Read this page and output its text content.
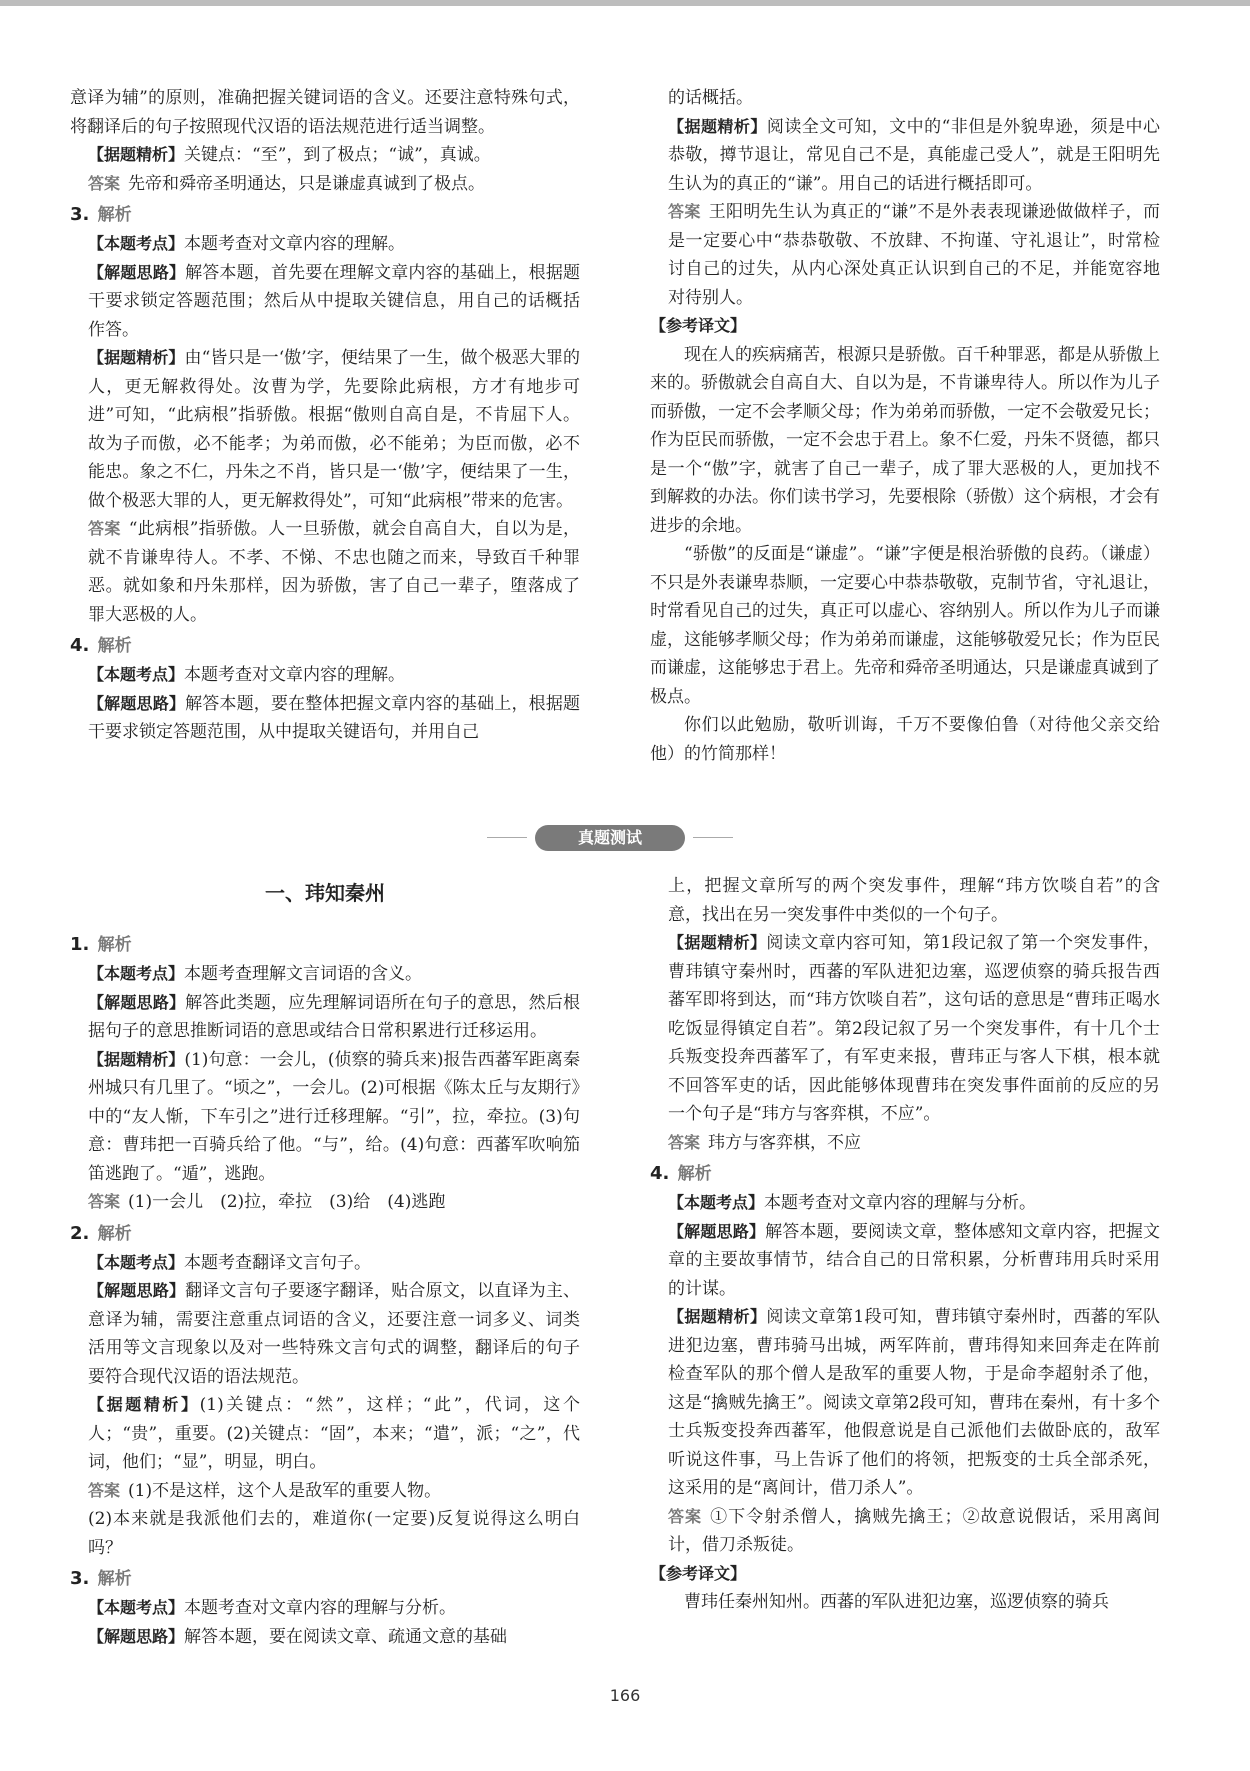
意译为辅”的原则，准确把握关键词语的含义。还要注意特殊句式，将翻译后的句子按照现代汉语的语法规范进行适当调整。

【据题精析】关键点：“至”，到了极点；“诚”，真诚。

答案 先帝和舜帝圣明通达，只是谦虚真诚到了极点。

3. 解析

【本题考点】本题考查对文章内容的理解。

【解题思路】解答本题，首先要在理解文章内容的基础上，根据题干要求锁定答题范围；然后从中提取关键信息，用自己的话概括作答。

【据题精析】由“皆只是一‘傲’字，便结果了一生，做个极恶大罪的人，更无解救得处。汝曹为学，先要除此病根，方才有地步可进”可知，“此病根”指骄傲。根据“傲则自高自是，不肯屈下人。故为子而傲，必不能孝；为弟而傲，必不能弟；为臣而傲，必不能忠。象之不仁，丹朱之不肖，皆只是一‘傲’字，便结果了一生，做个极恶大罪的人，更无解救得处”，可知“此病根”带来的危害。

答案 “此病根”指骄傲。人一旦骄傲，就会自高自大，自以为是，就不肯谦卑待人。不孝、不悌、不忠也随之而来，导致百千种罪恶。就如象和丹朱那样，因为骄傲，害了自己一辈子，堕落成了罪大恶极的人。

4. 解析

【本题考点】本题考查对文章内容的理解。

【解题思路】解答本题，要在整体把握文章内容的基础上，根据题干要求锁定答题范围，从中提取关键语句，并用自己

的话概括。

【据题精析】阅读全文可知，文中的“非但是外貌卑逊，须是中心恭敬，撙节退让，常见自己不是，真能虚己受人”，就是王阳明先生认为的真正的“谦”。用自己的话进行概括即可。

答案 王阳明先生认为真正的“谦”不是外表表现谦逊做做样子，而是一定要心中“恭恭敬敬、不放肆、不拘谨、守礼退让”，时常检讨自己的过失，从内心深处真正认识到自己的不足，并能宽容地对待别人。

【参考译文】

现在人的疾病痛苦，根源只是骄傲。百千种罪恶，都是从骄傲上来的。骄傲就会自高自大、自以为是，不肯谦卑待人。所以作为儿子而骄傲，一定不会孝顺父母；作为弟弟而骄傲，一定不会敬爱兄长；作为臣民而骄傲，一定不会忠于君上。象不仁爱，丹朱不贤德，都只是一个“傲”字，就害了自己一辈子，成了罪大恶极的人，更加找不到解救的办法。你们读书学习，先要根除（骄傲）这个病根，才会有进步的余地。

“骄傲”的反面是“谦虚”。“谦”字便是根治骄傲的良药。（谦虚）不只是外表谦卑恭顺，一定要心中恭恭敬敬，克制节省，守礼退让，时常看见自己的过失，真正可以虚心、容纳别人。所以作为儿子而谦虚，这能够孝顺父母；作为弟弟而谦虚，这能够敬爱兄长；作为臣民而谦虚，这能够忠于君上。先帝和舜帝圣明通达，只是谦虚真诚到了极点。

你们以此勉励，敬听训诲，千万不要像伯鲁（对待他父亲交给他）的竹简那样！

真题测试
一、玮知秦州

1. 解析

【本题考点】本题考查理解文言词语的含义。

【解题思路】解答此类题，应先理解词语所在句子的意思，然后根据句子的意思推断词语的意思或结合日常积累进行迁移运用。

【据题精析】(1)句意：一会儿，(侦察的骑兵来)报告西蕃军距离秦州城只有几里了。“顷之”，一会儿。(2)可根据《陈太丘与友期行》中的“友人惭，下车引之”进行迁移理解。“引”，拉，牵拉。(3)句意：曹玮把一百骑兵给了他。“与”，给。(4)句意：西蕃军吹响笳笛逃跑了。“遁”，逃跑。

答案 (1)一会儿　(2)拉，牵拉　(3)给　(4)逃跑

2. 解析

【本题考点】本题考查翻译文言句子。

【解题思路】翻译文言句子要逐字翻译，贴合原文，以直译为主、意译为辅，需要注意重点词语的含义，还要注意一词多义、词类活用等文言现象以及对一些特殊文言句式的调整，翻译后的句子要符合现代汉语的语法规范。

【据题精析】(1)关键点：“然”，这样；“此”，代词，这个人；“贵”，重要。(2)关键点：“固”，本来；“遣”，派；“之”，代词，他们；“显”，明显，明白。

答案 (1)不是这样，这个人是敌军的重要人物。

(2)本来就是我派他们去的，难道你(一定要)反复说得这么明白吗？

3. 解析

【本题考点】本题考查对文章内容的理解与分析。

【解题思路】解答本题，要在阅读文章、疏通文意的基础

上，把握文章所写的两个突发事件，理解“玮方饮啖自若”的含意，找出在另一突发事件中类似的一个句子。

【据题精析】阅读文章内容可知，第1段记叙了第一个突发事件，曹玮镇守秦州时，西蕃的军队进犯边塞，巡逻侦察的骑兵报告西蕃军即将到达，而“玮方饮啖自若”，这句话的意思是“曹玮正喝水吃饭显得镇定自若”。第2段记叙了另一个突发事件，有十几个士兵叛变投奔西蕃军了，有军吏来报，曹玮正与客人下棋，根本就不回答军吏的话，因此能够体现曹玮在突发事件面前的反应的另一个句子是“玮方与客弈棋，不应”。

答案 玮方与客弈棋，不应

4. 解析

【本题考点】本题考查对文章内容的理解与分析。

【解题思路】解答本题，要阅读文章，整体感知文章内容，把握文章的主要故事情节，结合自己的日常积累，分析曹玮用兵时采用的计谋。

【据题精析】阅读文章第1段可知，曹玮镇守秦州时，西蕃的军队进犯边塞，曹玮骑马出城，两军阵前，曹玮得知来回奔走在阵前检查军队的那个僧人是敌军的重要人物，于是命李超射杀了他，这是“擒贼先擒王”。阅读文章第2段可知，曹玮在秦州，有十多个士兵叛变投奔西蕃军，他假意说是自己派他们去做卧底的，敌军听说这件事，马上告诉了他们的将领，把叛变的士兵全部杀死，这采用的是“离间计，借刀杀人”。

答案 ①下令射杀僧人，擒贼先擒王；②故意说假话，采用离间计，借刀杀叛徒。

【参考译文】

曹玮任秦州知州。西蕃的军队进犯边塞，巡逻侦察的骑兵

166
